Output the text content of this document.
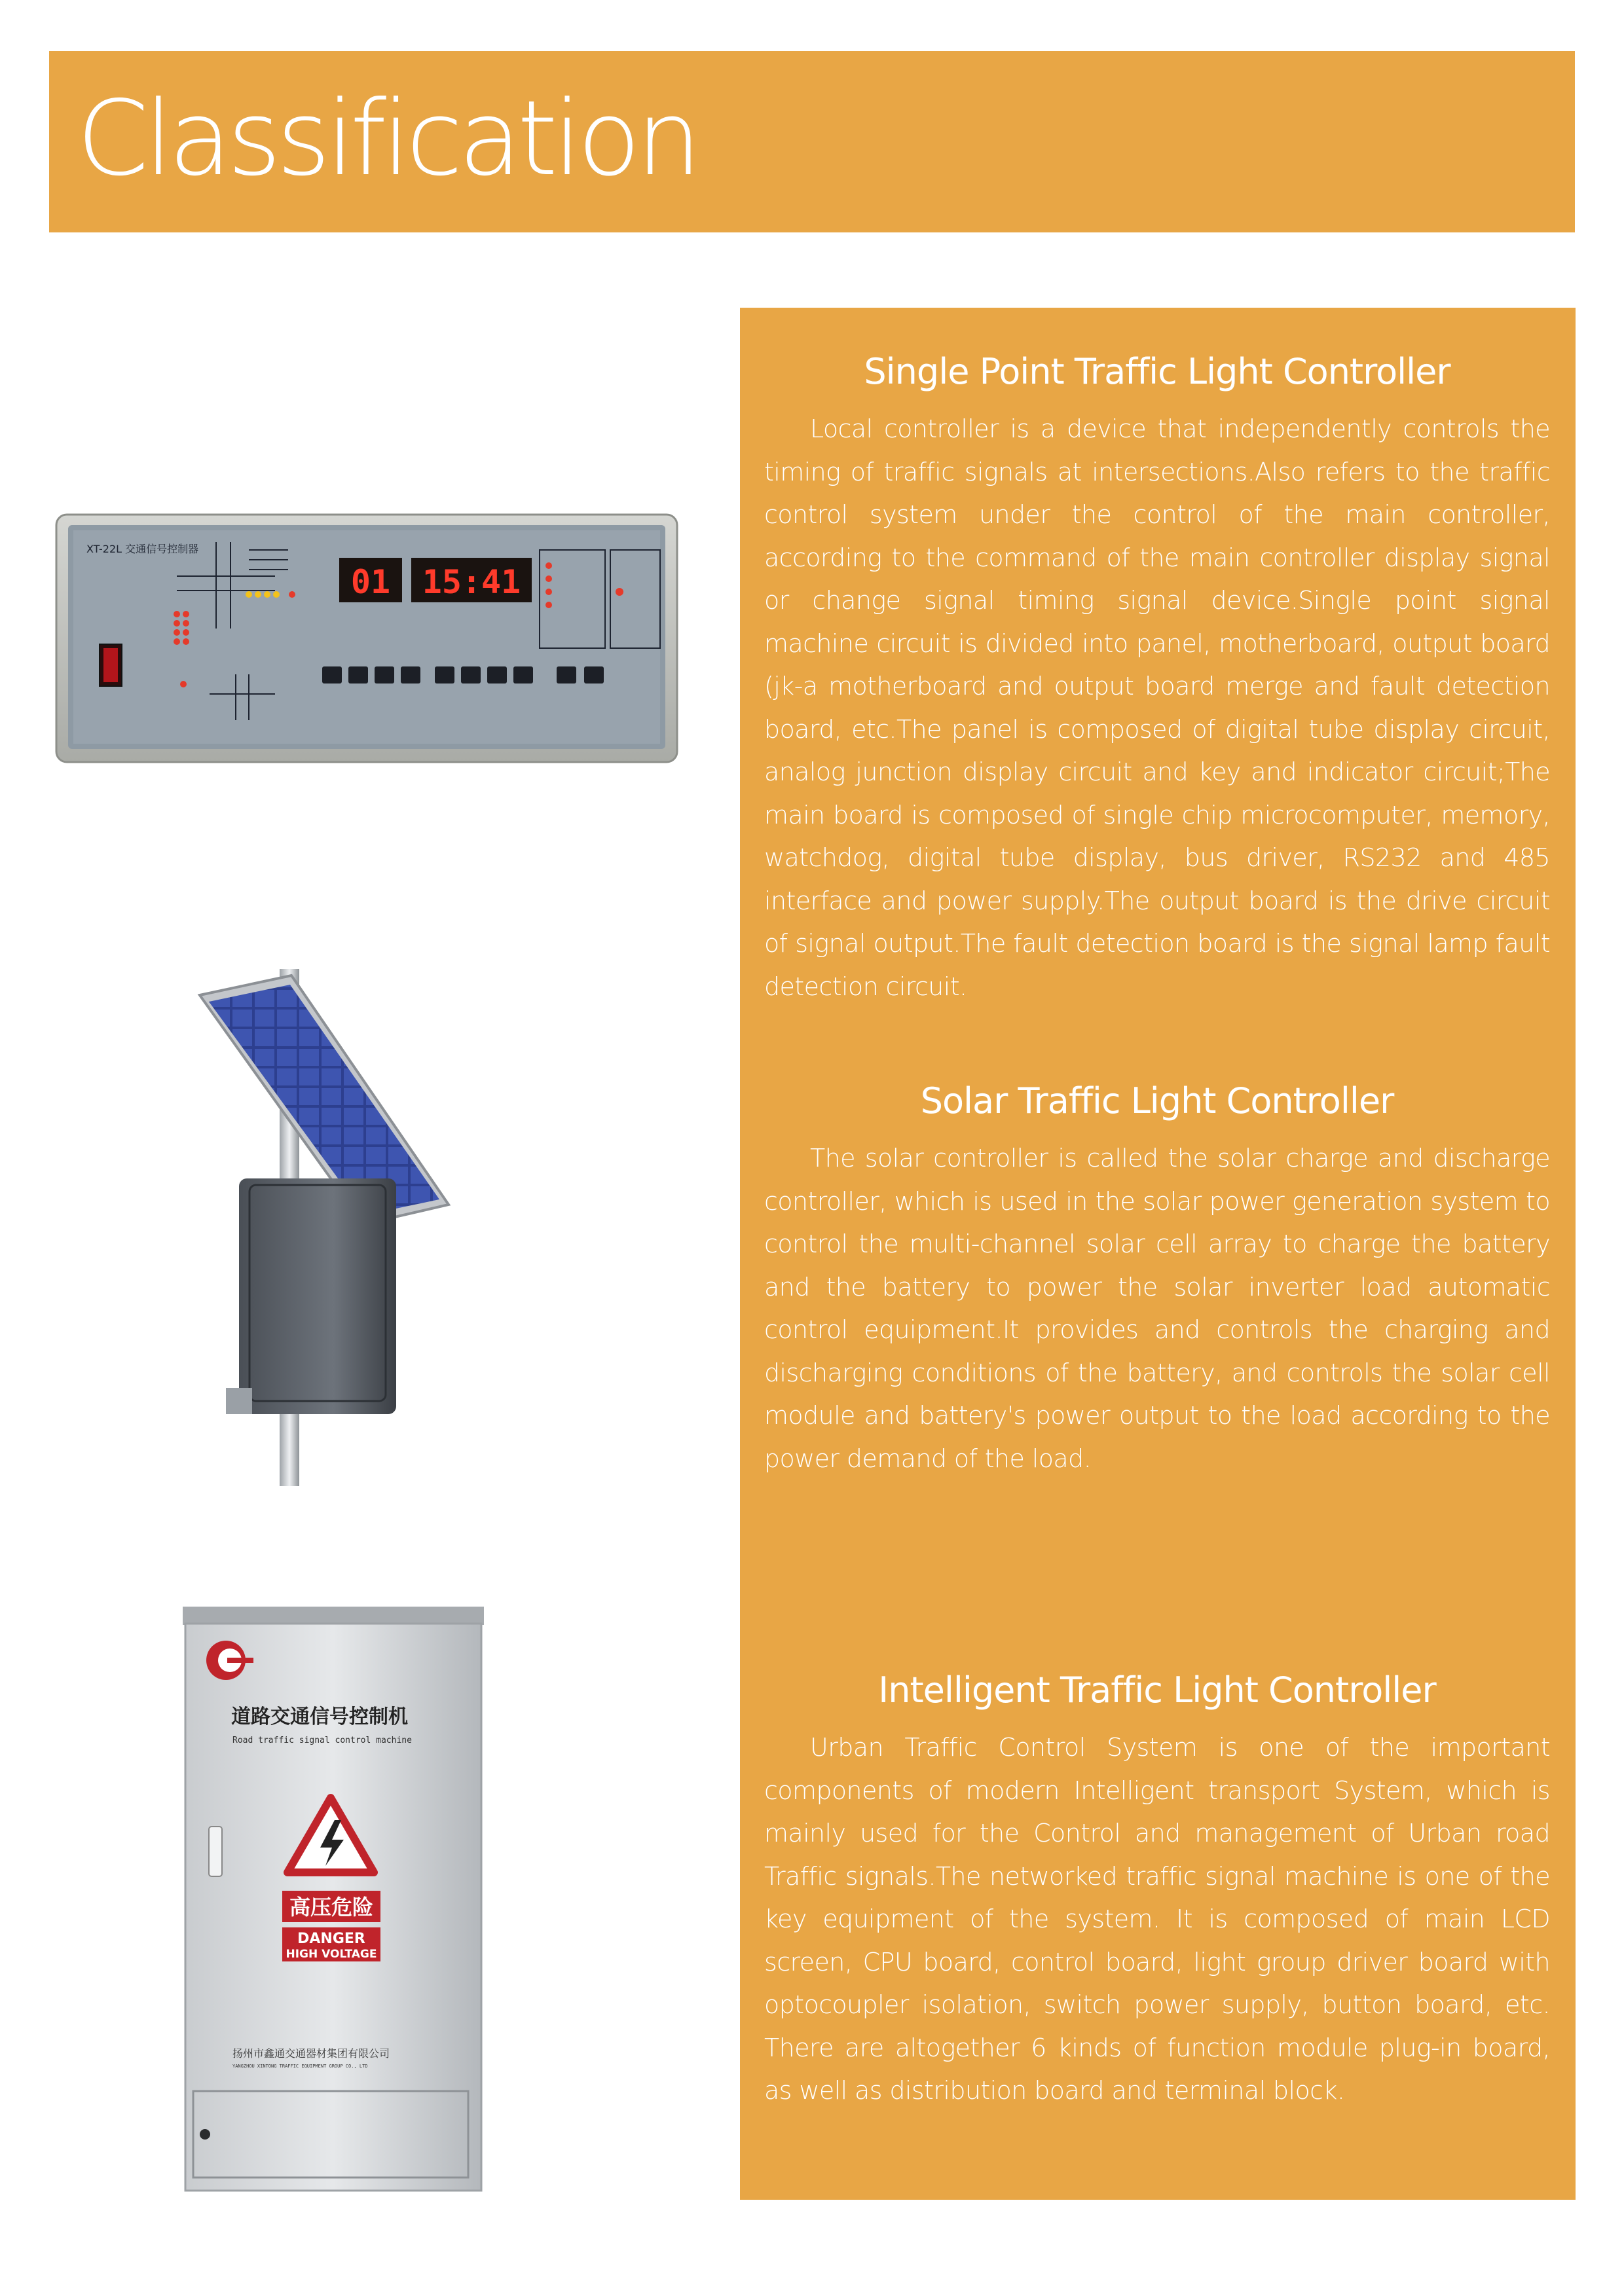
Classification
XT-22L 交通信号控制器
01 15:41
道路交通信号控制机
Road traffic signal control machine
高压危险
DANGER
HIGH VOLTAGE
扬州市鑫通交通器材集团有限公司
YANGZHOU XINTONG TRAFFIC EQUIPMENT GROUP CO., LTD
Single Point Traffic Light Controller

Local controller is a device that independently controls the timing of traffic signals at intersections.Also refers to the traffic control system under the control of the main controller, according to the command of the main controller display signal or change signal timing signal device.Single point signal machine circuit is divided into panel, motherboard, output board (jk-a motherboard and output board merge and fault detection board, etc.The panel is composed of digital tube display circuit, analog junction display circuit and key and indicator circuit;The main board is composed of single chip microcomputer, memory, watchdog, digital tube display, bus driver, RS232 and 485 interface and power supply.The output board is the drive circuit of signal output.The fault detection board is the signal lamp fault detection circuit.

Solar Traffic Light Controller

The solar controller is called the solar charge and discharge controller, which is used in the solar power generation system to control the multi-channel solar cell array to charge the battery and the battery to power the solar inverter load automatic control equipment.It provides and controls the charging and discharging conditions of the battery, and controls the solar cell module and battery's power output to the load according to the power demand of the load.

Intelligent Traffic Light Controller

Urban Traffic Control System is one of the important components of modern Intelligent transport System, which is mainly used for the Control and management of Urban road Traffic signals.The networked traffic signal machine is one of the key equipment of the system. It is composed of main LCD screen, CPU board, control board, light group driver board with optocoupler isolation, switch power supply, button board, etc. There are altogether 6 kinds of function module plug-in board, as well as distribution board and terminal block.
